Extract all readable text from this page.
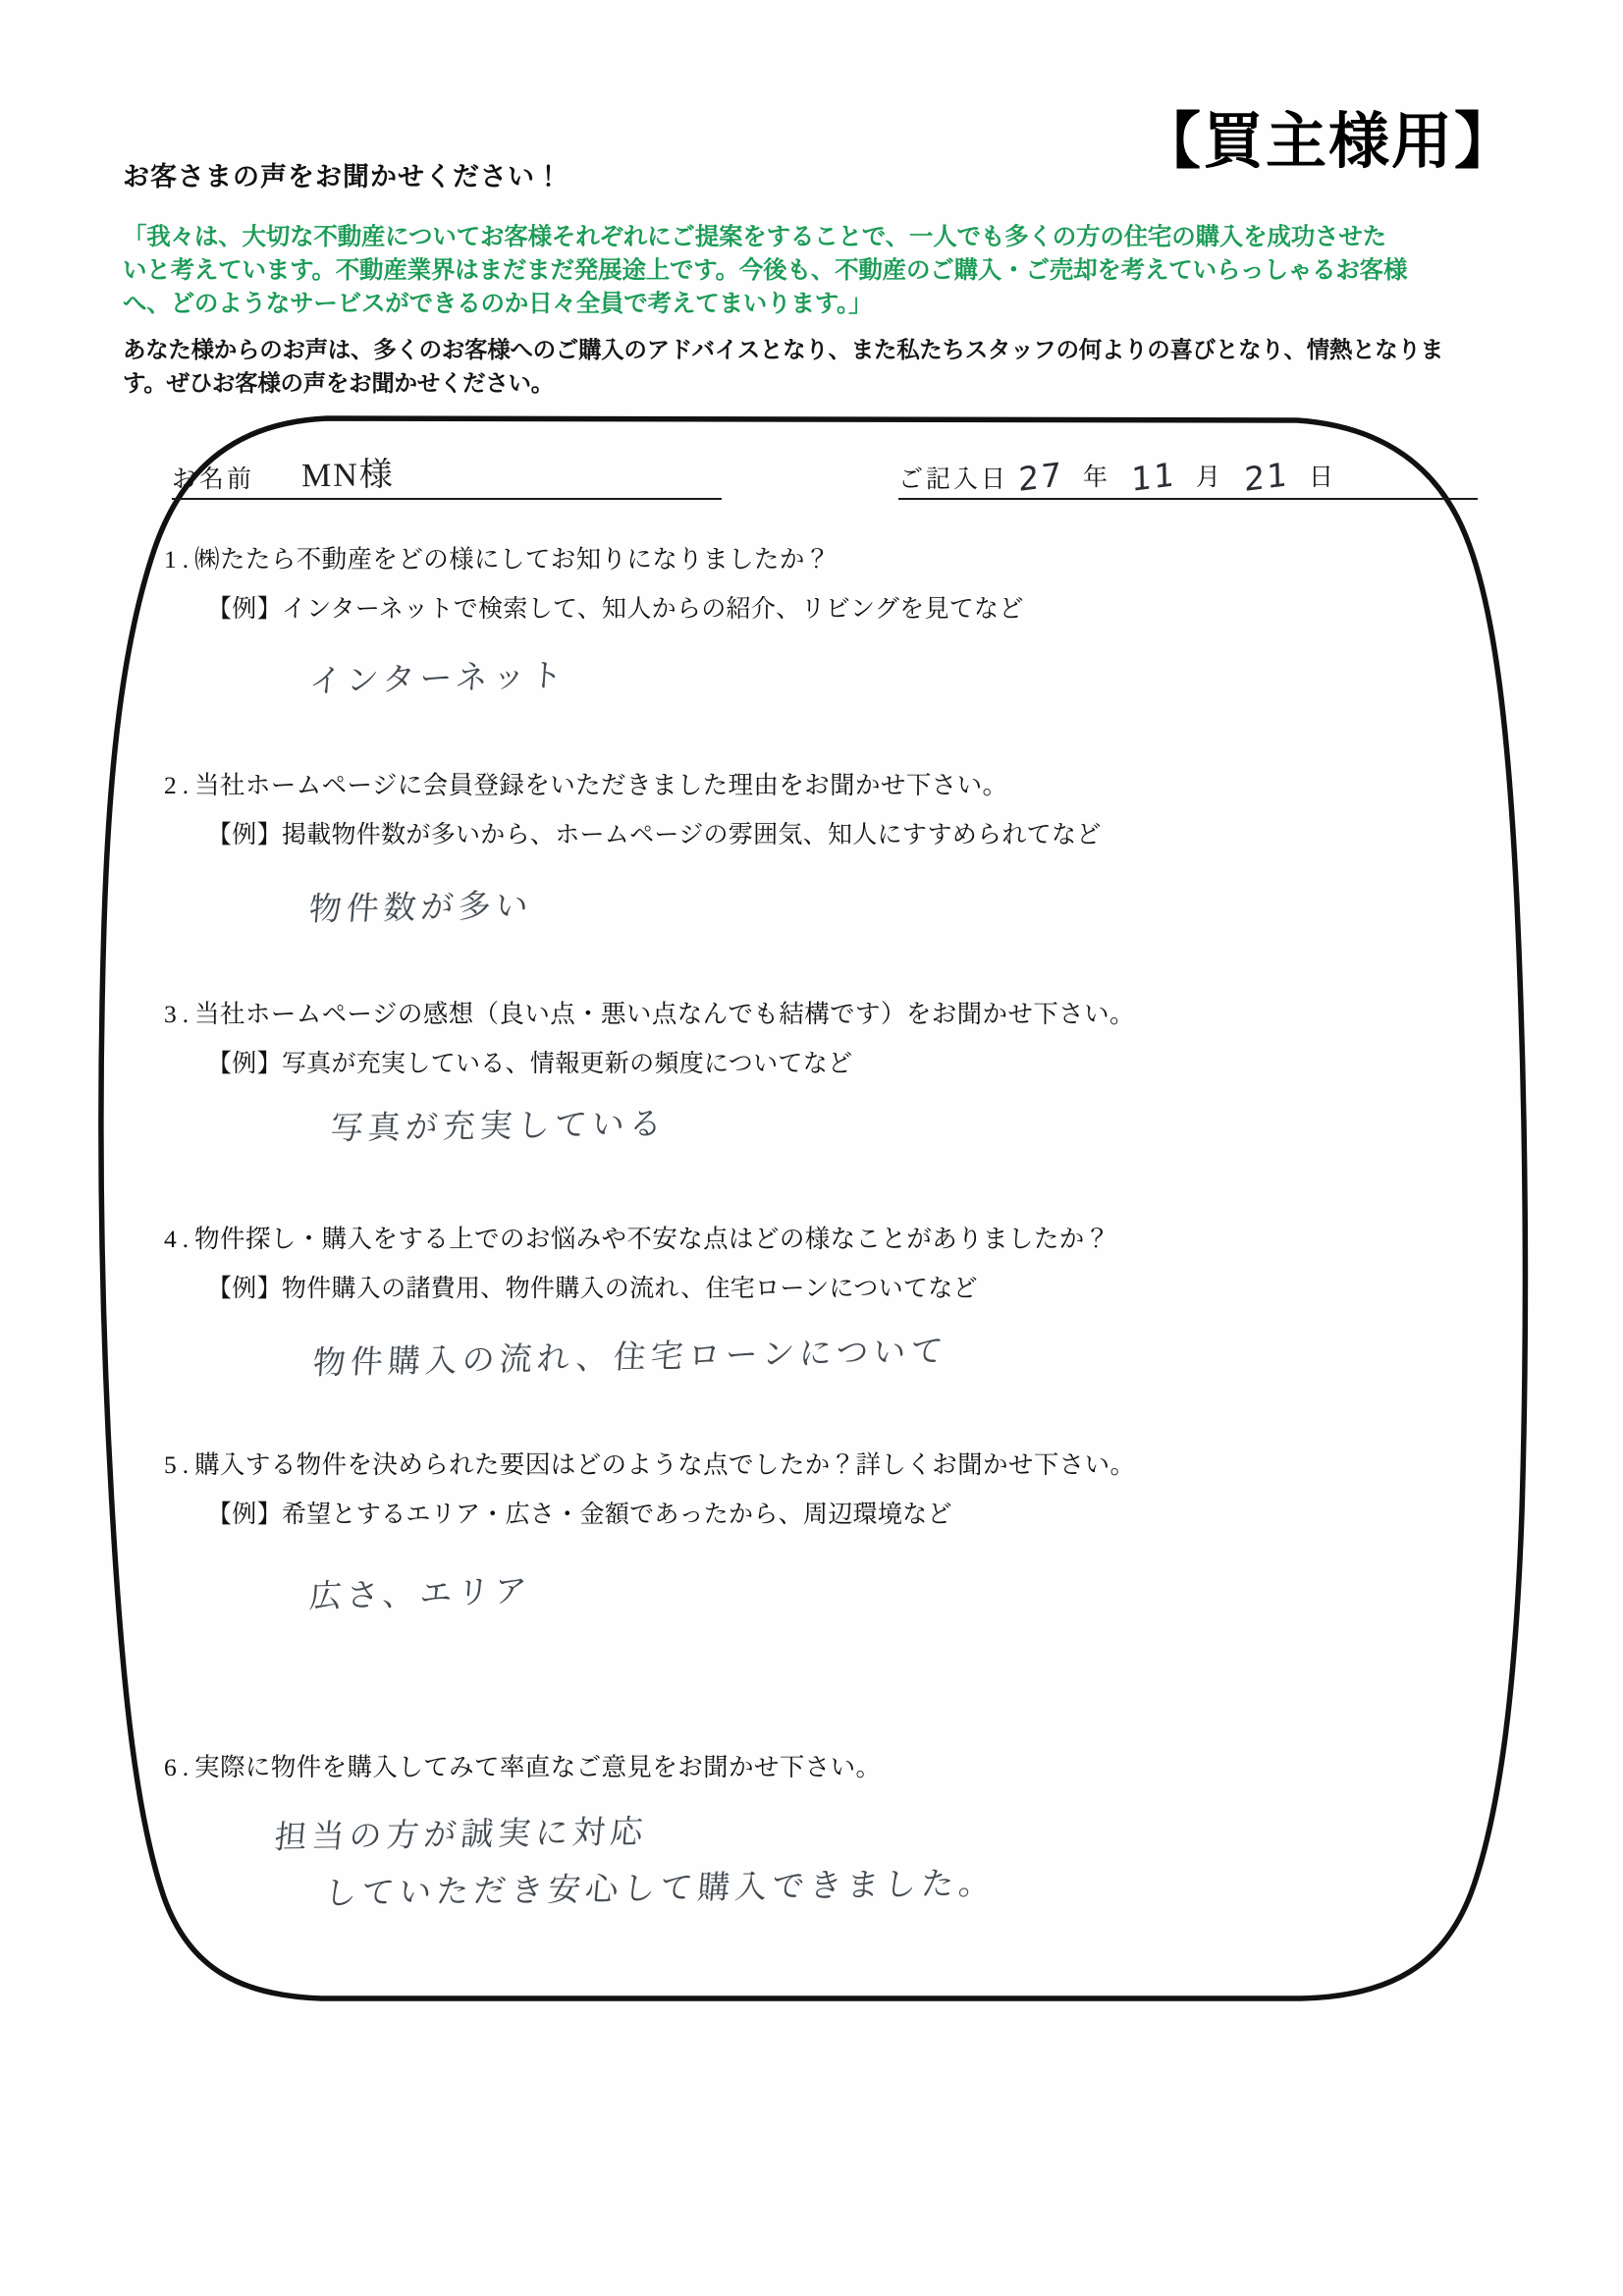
お客さまの声をお聞かせください！
【買主様用】
「我々は、大切な不動産についてお客様それぞれにご提案をすることで、一人でも多くの方の住宅の購入を成功させた
いと考えています。不動産業界はまだまだ発展途上です。今後も、不動産のご購入・ご売却を考えていらっしゃるお客様
へ、どのようなサービスができるのか日々全員で考えてまいります。」
あなた様からのお声は、多くのお客様へのご購入のアドバイスとなり、また私たちスタッフの何よりの喜びとなり、情熱となりま
す。ぜひお客様の声をお聞かせください。
お名前	MN様	ご記入日 27 年 11 月 21 日
1.㈱たたら不動産をどの様にしてお知りになりましたか？
【例】インターネットで検索して、知人からの紹介、リビングを見てなど
インターネット
2.当社ホームページに会員登録をいただきました理由をお聞かせ下さい。
【例】掲載物件数が多いから、ホームページの雰囲気、知人にすすめられてなど
物件数が多い
3.当社ホームページの感想（良い点・悪い点なんでも結構です）をお聞かせ下さい。
【例】写真が充実している、情報更新の頻度についてなど
写真が充実している
4.物件探し・購入をする上でのお悩みや不安な点はどの様なことがありましたか？
【例】物件購入の諸費用、物件購入の流れ、住宅ローンについてなど
物件購入の流れ、住宅ローンについて
5.購入する物件を決められた要因はどのような点でしたか？詳しくお聞かせ下さい。
【例】希望とするエリア・広さ・金額であったから、周辺環境など
広さ、エリア
6.実際に物件を購入してみて率直なご意見をお聞かせ下さい。
担当の方が誠実に対応
していただき安心して購入できました。
